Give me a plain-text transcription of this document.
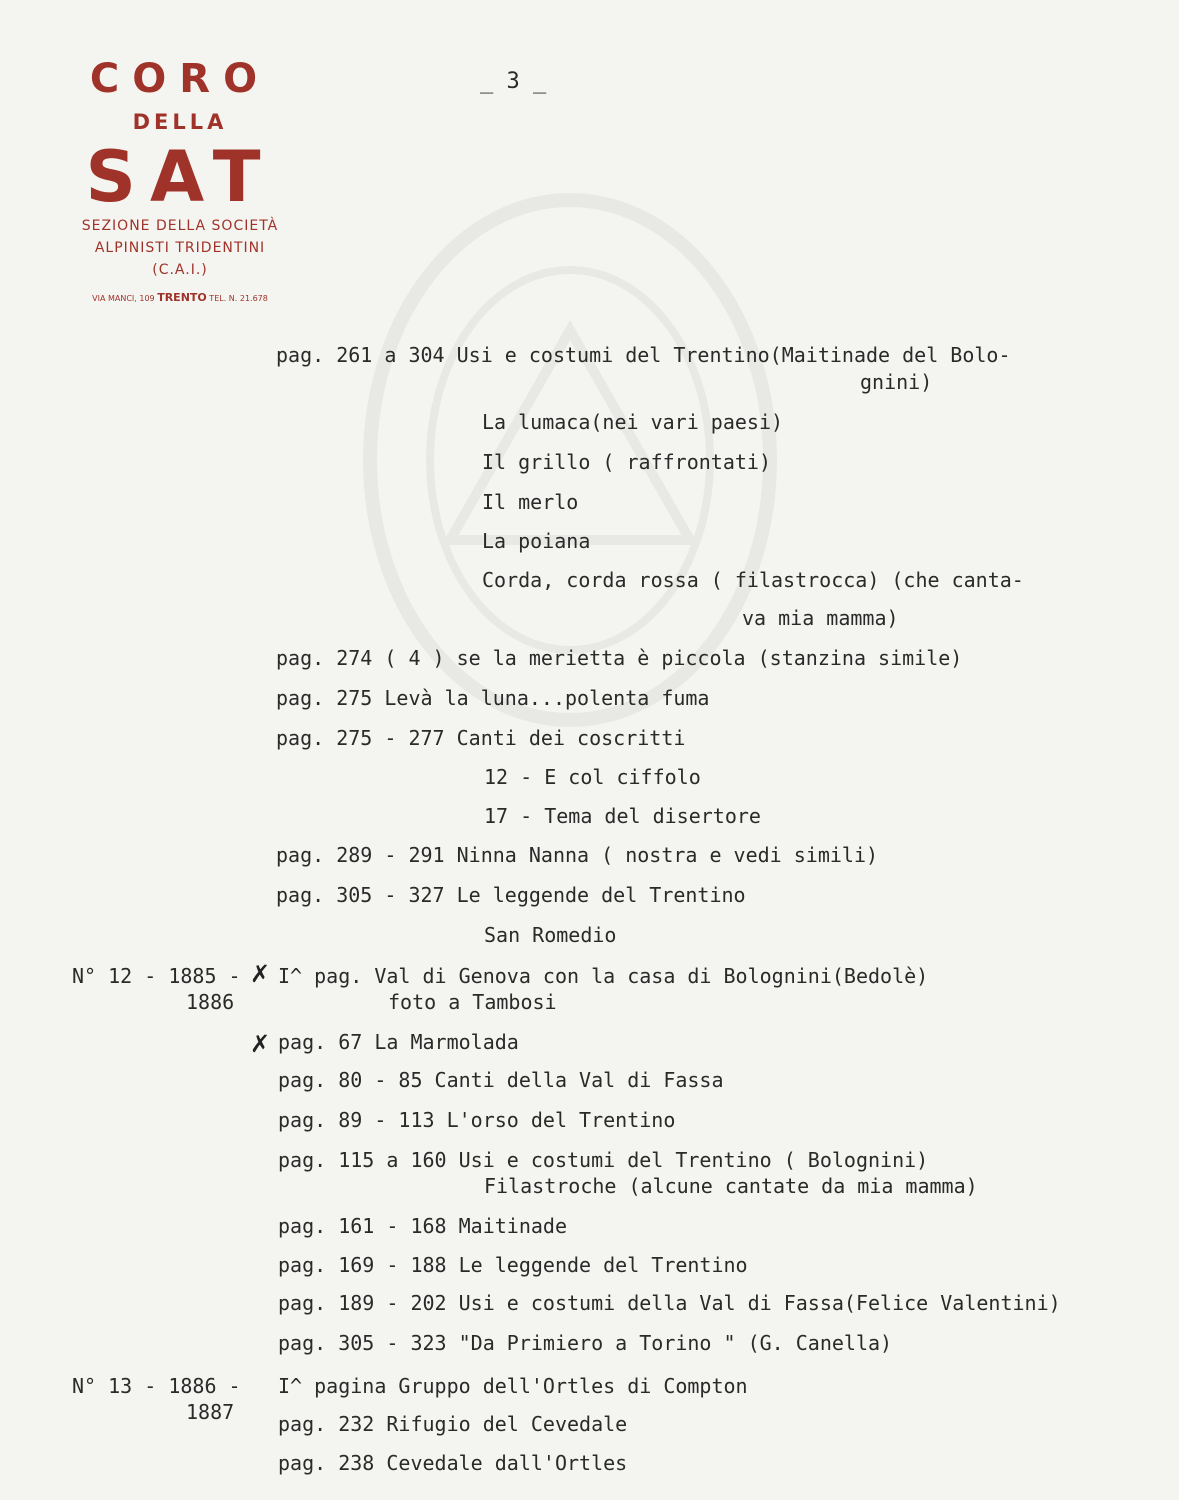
CORO
DELLA
SAT
SEZIONE DELLA SOCIETÀ
ALPINISTI TRIDENTINI
(C.A.I.)
VIA MANCI, 109 TRENTO TEL. N. 21.678
_ 3 _
pag. 261 a 304 Usi e costumi del Trentino(Maitinade del Bolo-
gnini)
La lumaca(nei vari paesi)
Il grillo ( raffrontati)
Il merlo
La poiana
Corda, corda rossa ( filastrocca) (che canta-
va mia mamma)
pag. 274 ( 4 ) se la merietta è piccola (stanzina simile)
pag. 275 Levà la luna...polenta fuma
pag. 275 - 277 Canti dei coscritti
12 - E col ciffolo
17 - Tema del disertore
pag. 289 - 291 Ninna Nanna ( nostra e vedi simili)
pag. 305 - 327 Le leggende del Trentino
San Romedio
N° 12 - 1885 -
1886
✗ I^ pag. Val di Genova con la casa di Bolognini(Bedolè)
foto a Tambosi
✗ pag. 67 La Marmolada
pag. 80 - 85 Canti della Val di Fassa
pag. 89 - 113 L'orso del Trentino
pag. 115 a 160 Usi e costumi del Trentino ( Bolognini)
Filastroche (alcune cantate da mia mamma)
pag. 161 - 168 Maitinade
pag. 169 - 188 Le leggende del Trentino
pag. 189 - 202 Usi e costumi della Val di Fassa(Felice Valentini)
pag. 305 - 323 "Da Primiero a Torino " (G. Canella)
N° 13 - 1886 -
1887
I^ pagina Gruppo dell'Ortles di Compton
pag. 232 Rifugio del Cevedale
pag. 238 Cevedale dall'Ortles
